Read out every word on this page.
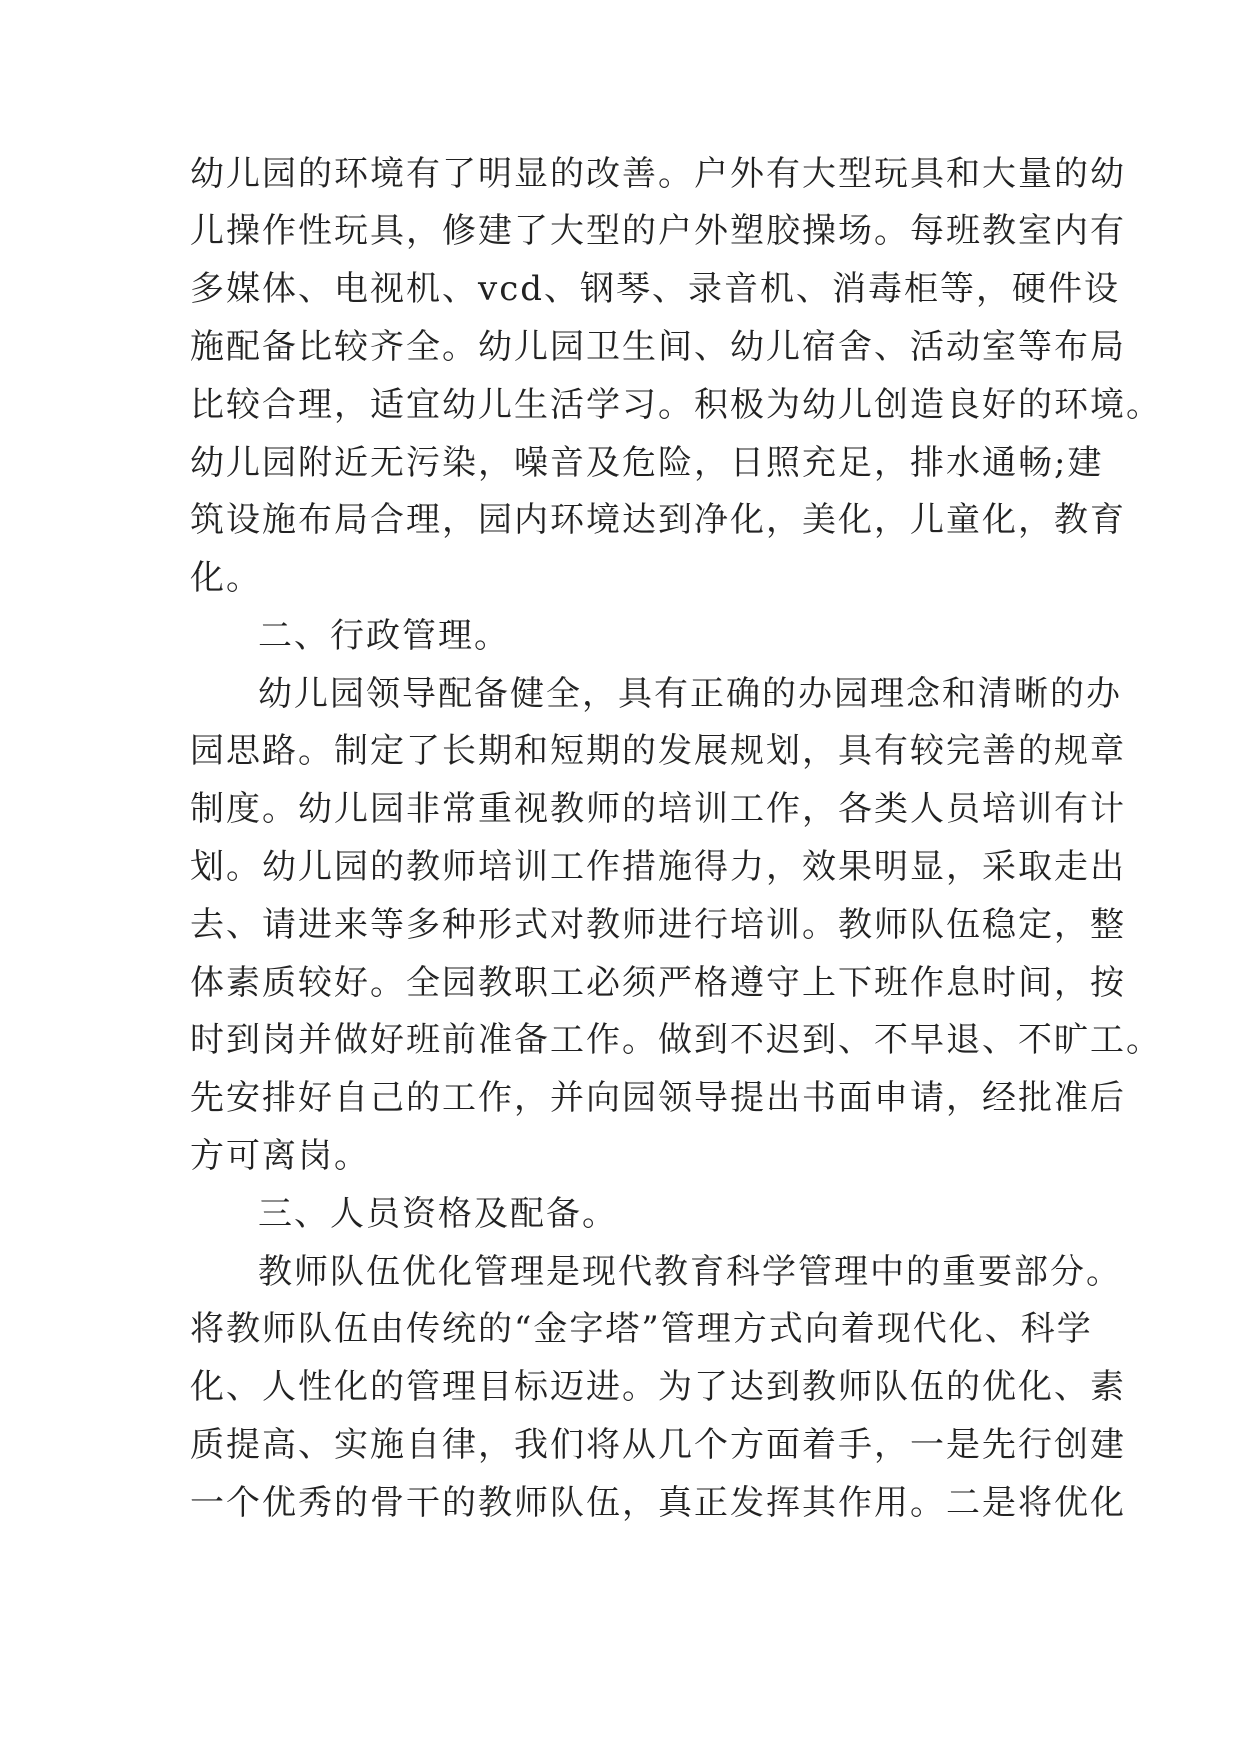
幼儿园的环境有了明显的改善。户外有大型玩具和大量的幼
儿操作性玩具，修建了大型的户外塑胶操场。每班教室内有
多媒体、电视机、vcd、钢琴、录音机、消毒柜等，硬件设
施配备比较齐全。幼儿园卫生间、幼儿宿舍、活动室等布局
比较合理，适宜幼儿生活学习。积极为幼儿创造良好的环境。
幼儿园附近无污染，噪音及危险，日照充足，排水通畅;建
筑设施布局合理，园内环境达到净化，美化，儿童化，教育
化。
二、行政管理。
幼儿园领导配备健全，具有正确的办园理念和清晰的办
园思路。制定了长期和短期的发展规划，具有较完善的规章
制度。幼儿园非常重视教师的培训工作，各类人员培训有计
划。幼儿园的教师培训工作措施得力，效果明显，采取走出
去、请进来等多种形式对教师进行培训。教师队伍稳定，整
体素质较好。全园教职工必须严格遵守上下班作息时间，按
时到岗并做好班前准备工作。做到不迟到、不早退、不旷工。
先安排好自己的工作，并向园领导提出书面申请，经批准后
方可离岗。
三、人员资格及配备。
教师队伍优化管理是现代教育科学管理中的重要部分。
将教师队伍由传统的“金字塔”管理方式向着现代化、科学
化、人性化的管理目标迈进。为了达到教师队伍的优化、素
质提高、实施自律，我们将从几个方面着手，一是先行创建
一个优秀的骨干的教师队伍，真正发挥其作用。二是将优化
